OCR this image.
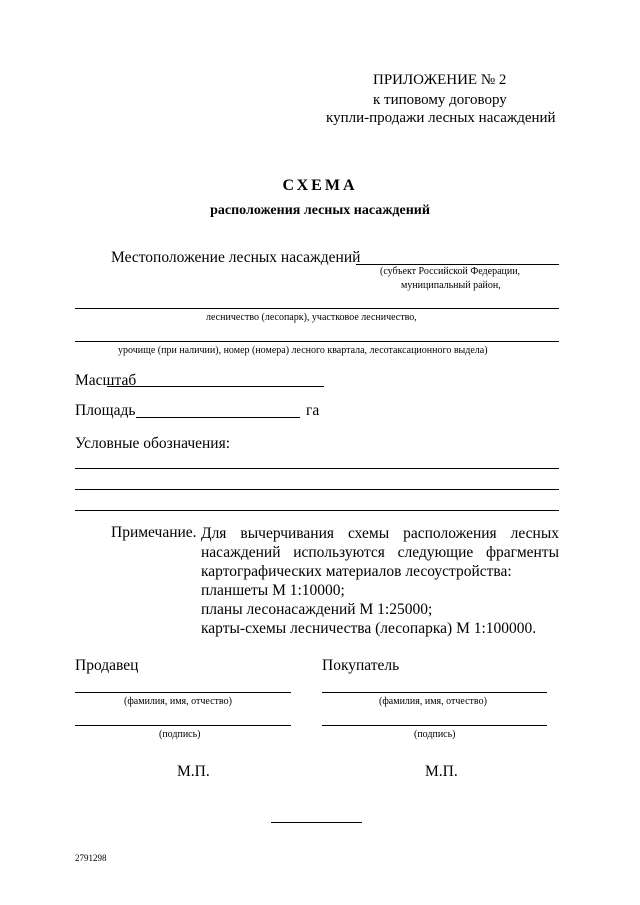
ПРИЛОЖЕНИЕ № 2
к типовому договору
купли-продажи лесных насаждений
СХЕМА
расположения лесных насаждений
Местоположение лесных насаждений
(субъект Российской Федерации,
муниципальный район,
лесничество (лесопарк), участковое лесничество,
урочище (при наличии), номер (номера) лесного квартала, лесотаксационного выдела)
Масштаб
Площадь	га
Условные обозначения:
Примечание. Для вычерчивания схемы расположения лесных
насаждений используются следующие фрагменты
картографических материалов лесоустройства:
планшеты М 1:10000;
планы лесонасаждений М 1:25000;
карты-схемы лесничества (лесопарка) М 1:100000.
Продавец
(фамилия, имя, отчество)
(подпись)
М.П.
Покупатель
(фамилия, имя, отчество)
(подпись)
М.П.
2791298
